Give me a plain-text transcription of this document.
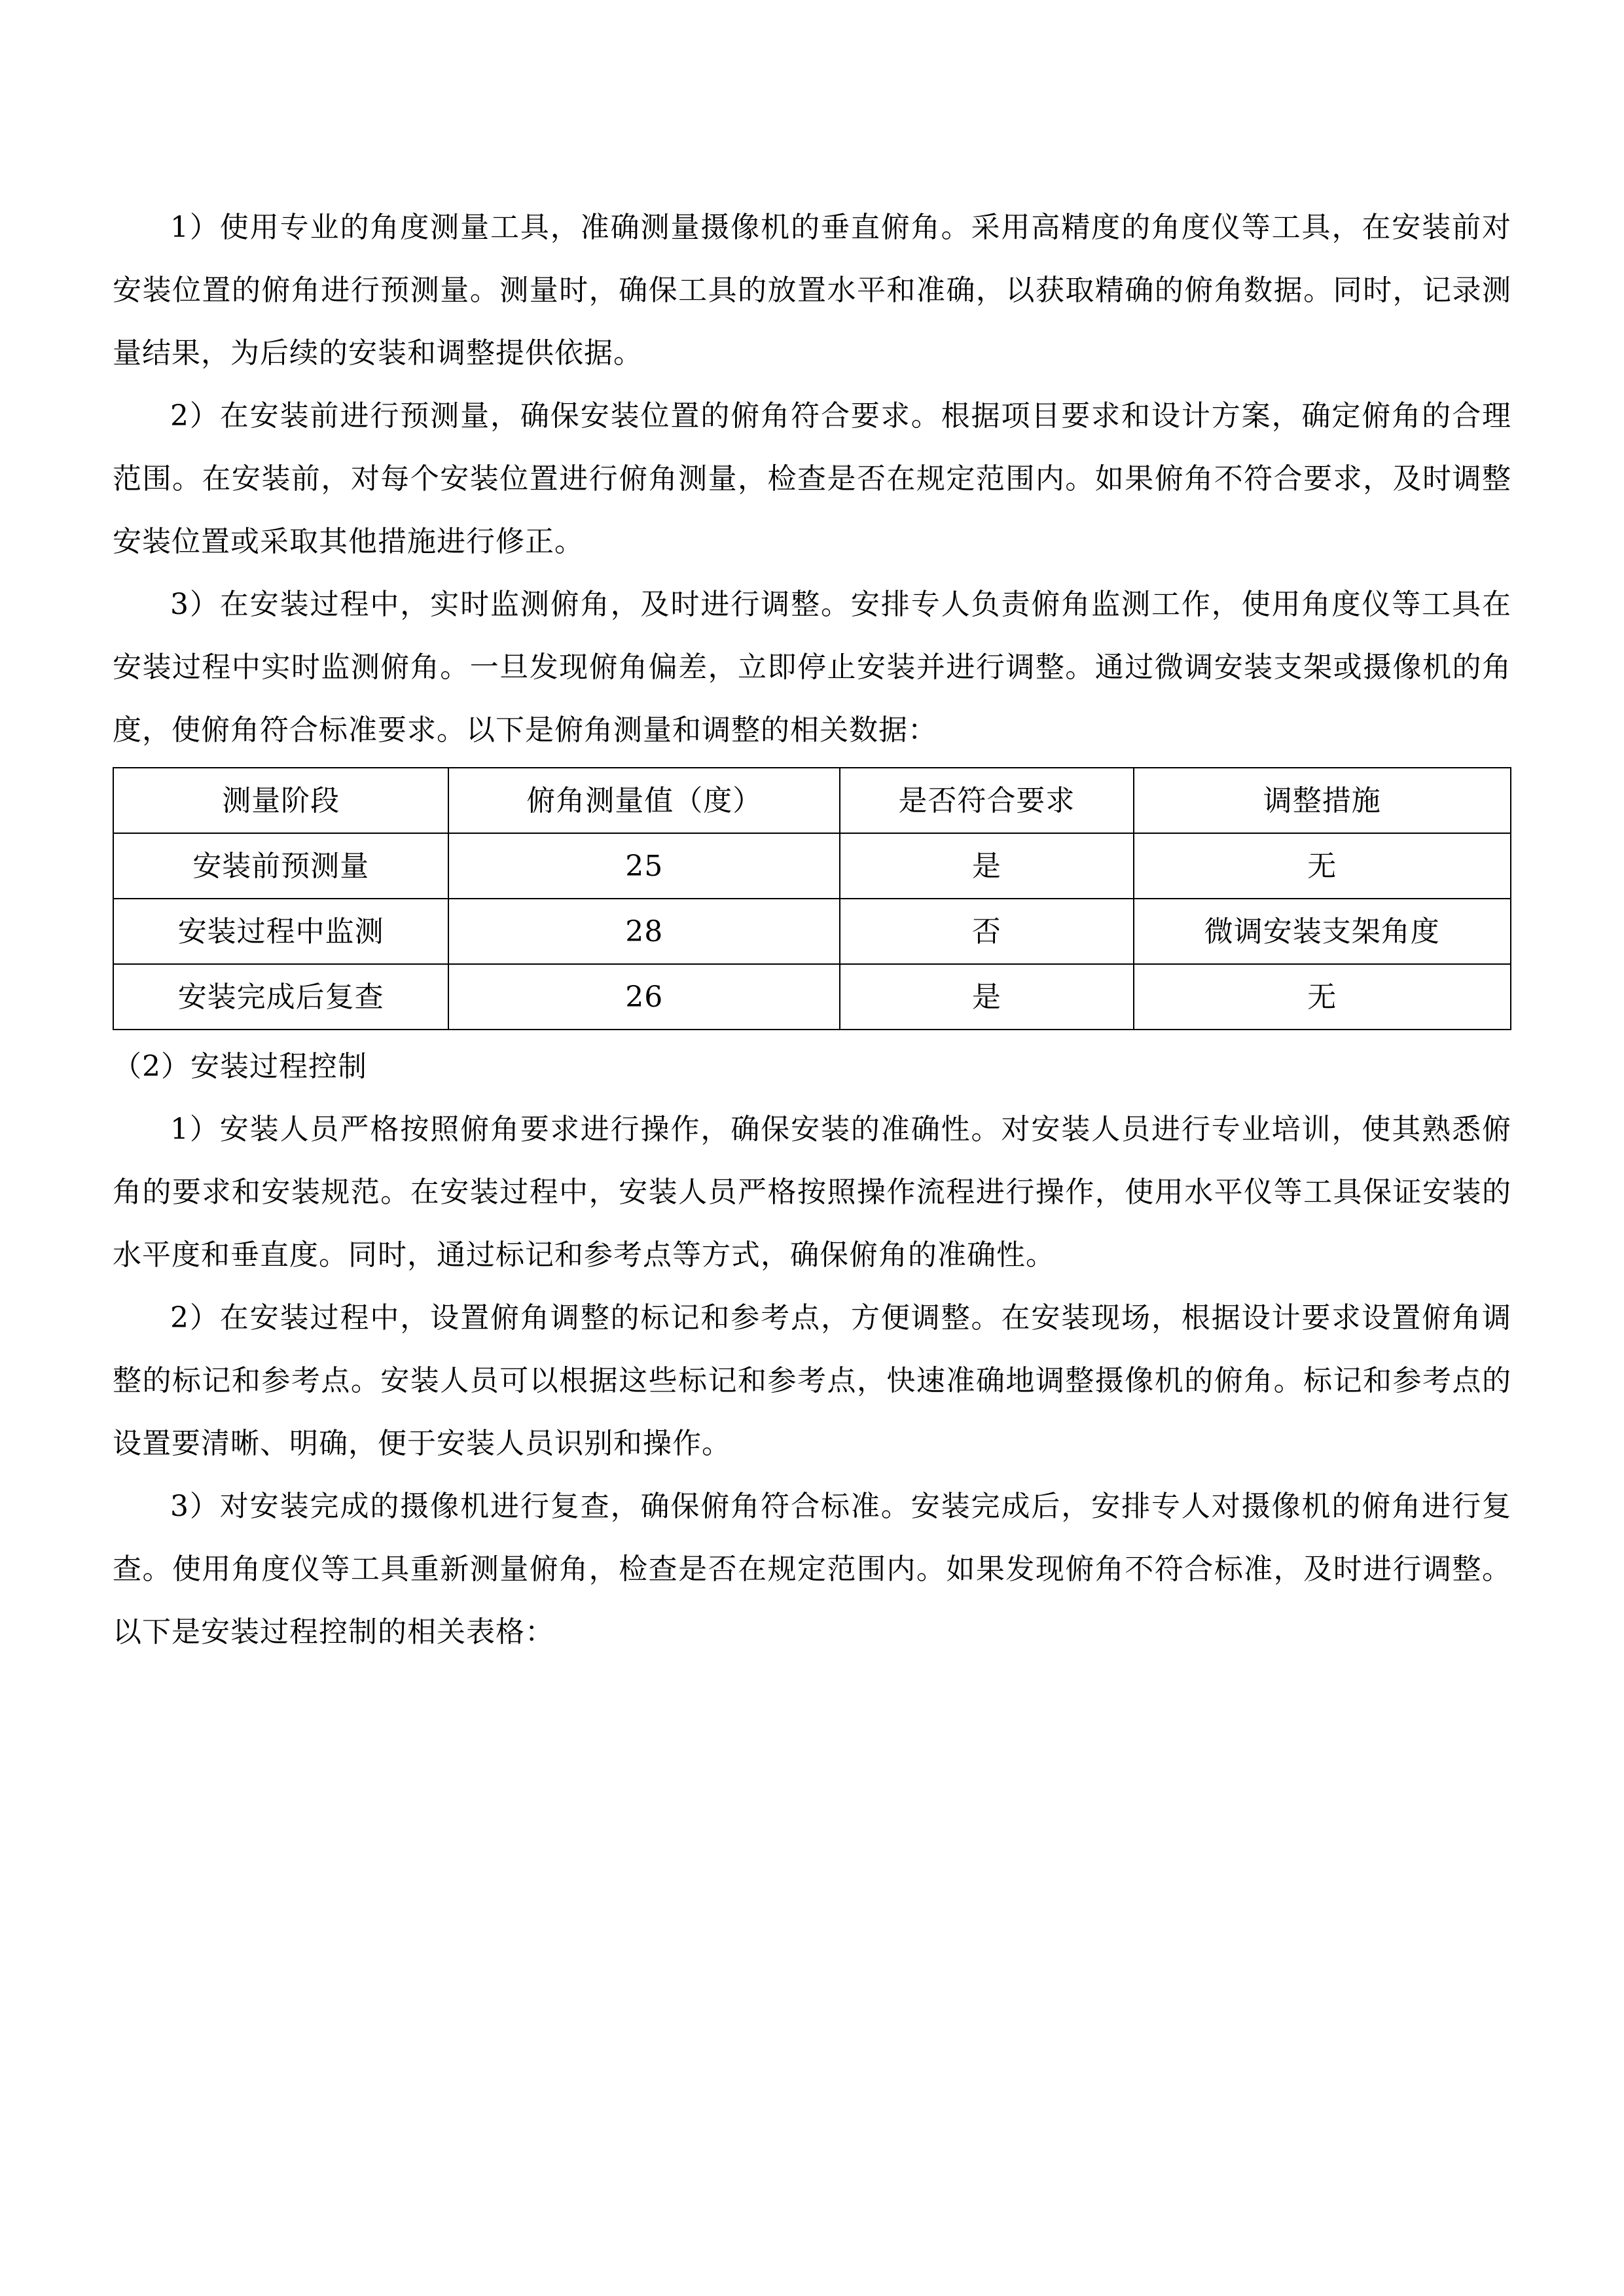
1）使用专业的角度测量工具，准确测量摄像机的垂直俯角。采用高精度的角度仪等工具，在安装前对安装位置的俯角进行预测量。测量时，确保工具的放置水平和准确，以获取精确的俯角数据。同时，记录测量结果，为后续的安装和调整提供依据。

2）在安装前进行预测量，确保安装位置的俯角符合要求。根据项目要求和设计方案，确定俯角的合理范围。在安装前，对每个安装位置进行俯角测量，检查是否在规定范围内。如果俯角不符合要求，及时调整安装位置或采取其他措施进行修正。

3）在安装过程中，实时监测俯角，及时进行调整。安排专人负责俯角监测工作，使用角度仪等工具在安装过程中实时监测俯角。一旦发现俯角偏差，立即停止安装并进行调整。通过微调安装支架或摄像机的角度，使俯角符合标准要求。以下是俯角测量和调整的相关数据：

测量阶段	俯角测量值（度）	是否符合要求	调整措施
安装前预测量	25	是	无
安装过程中监测	28	否	微调安装支架角度
安装完成后复查	26	是	无

（2）安装过程控制

1）安装人员严格按照俯角要求进行操作，确保安装的准确性。对安装人员进行专业培训，使其熟悉俯角的要求和安装规范。在安装过程中，安装人员严格按照操作流程进行操作，使用水平仪等工具保证安装的水平度和垂直度。同时，通过标记和参考点等方式，确保俯角的准确性。

2）在安装过程中，设置俯角调整的标记和参考点，方便调整。在安装现场，根据设计要求设置俯角调整的标记和参考点。安装人员可以根据这些标记和参考点，快速准确地调整摄像机的俯角。标记和参考点的设置要清晰、明确，便于安装人员识别和操作。

3）对安装完成的摄像机进行复查，确保俯角符合标准。安装完成后，安排专人对摄像机的俯角进行复查。使用角度仪等工具重新测量俯角，检查是否在规定范围内。如果发现俯角不符合标准，及时进行调整。以下是安装过程控制的相关表格：
